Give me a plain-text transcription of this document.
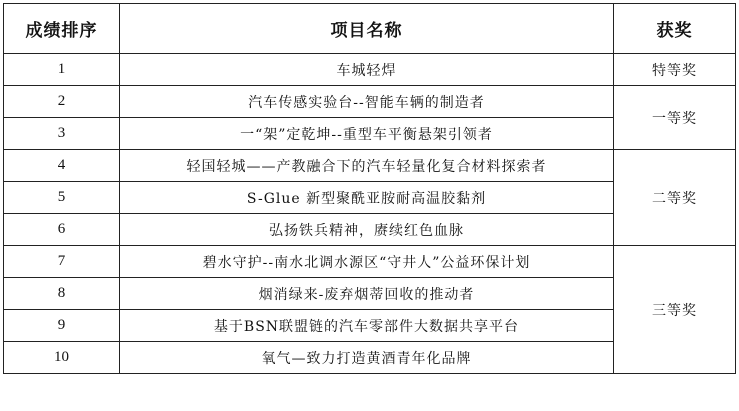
成绩排序	项目名称	获奖
1	车城轻焊	特等奖
2	汽车传感实验台--智能车辆的制造者	一等奖
3	一“架”定乾坤--重型车平衡悬架引领者	
4	轻国轻城——产教融合下的汽车轻量化复合材料探索者	二等奖
5	S-Glue 新型聚酰亚胺耐高温胶黏剂	
6	弘扬铁兵精神，赓续红色血脉	
7	碧水守护--南水北调水源区“守井人”公益环保计划	三等奖
8	烟消绿来-废弃烟蒂回收的推动者	
9	基于BSN联盟链的汽车零部件大数据共享平台	
10	氧气—致力打造黄酒青年化品牌	
